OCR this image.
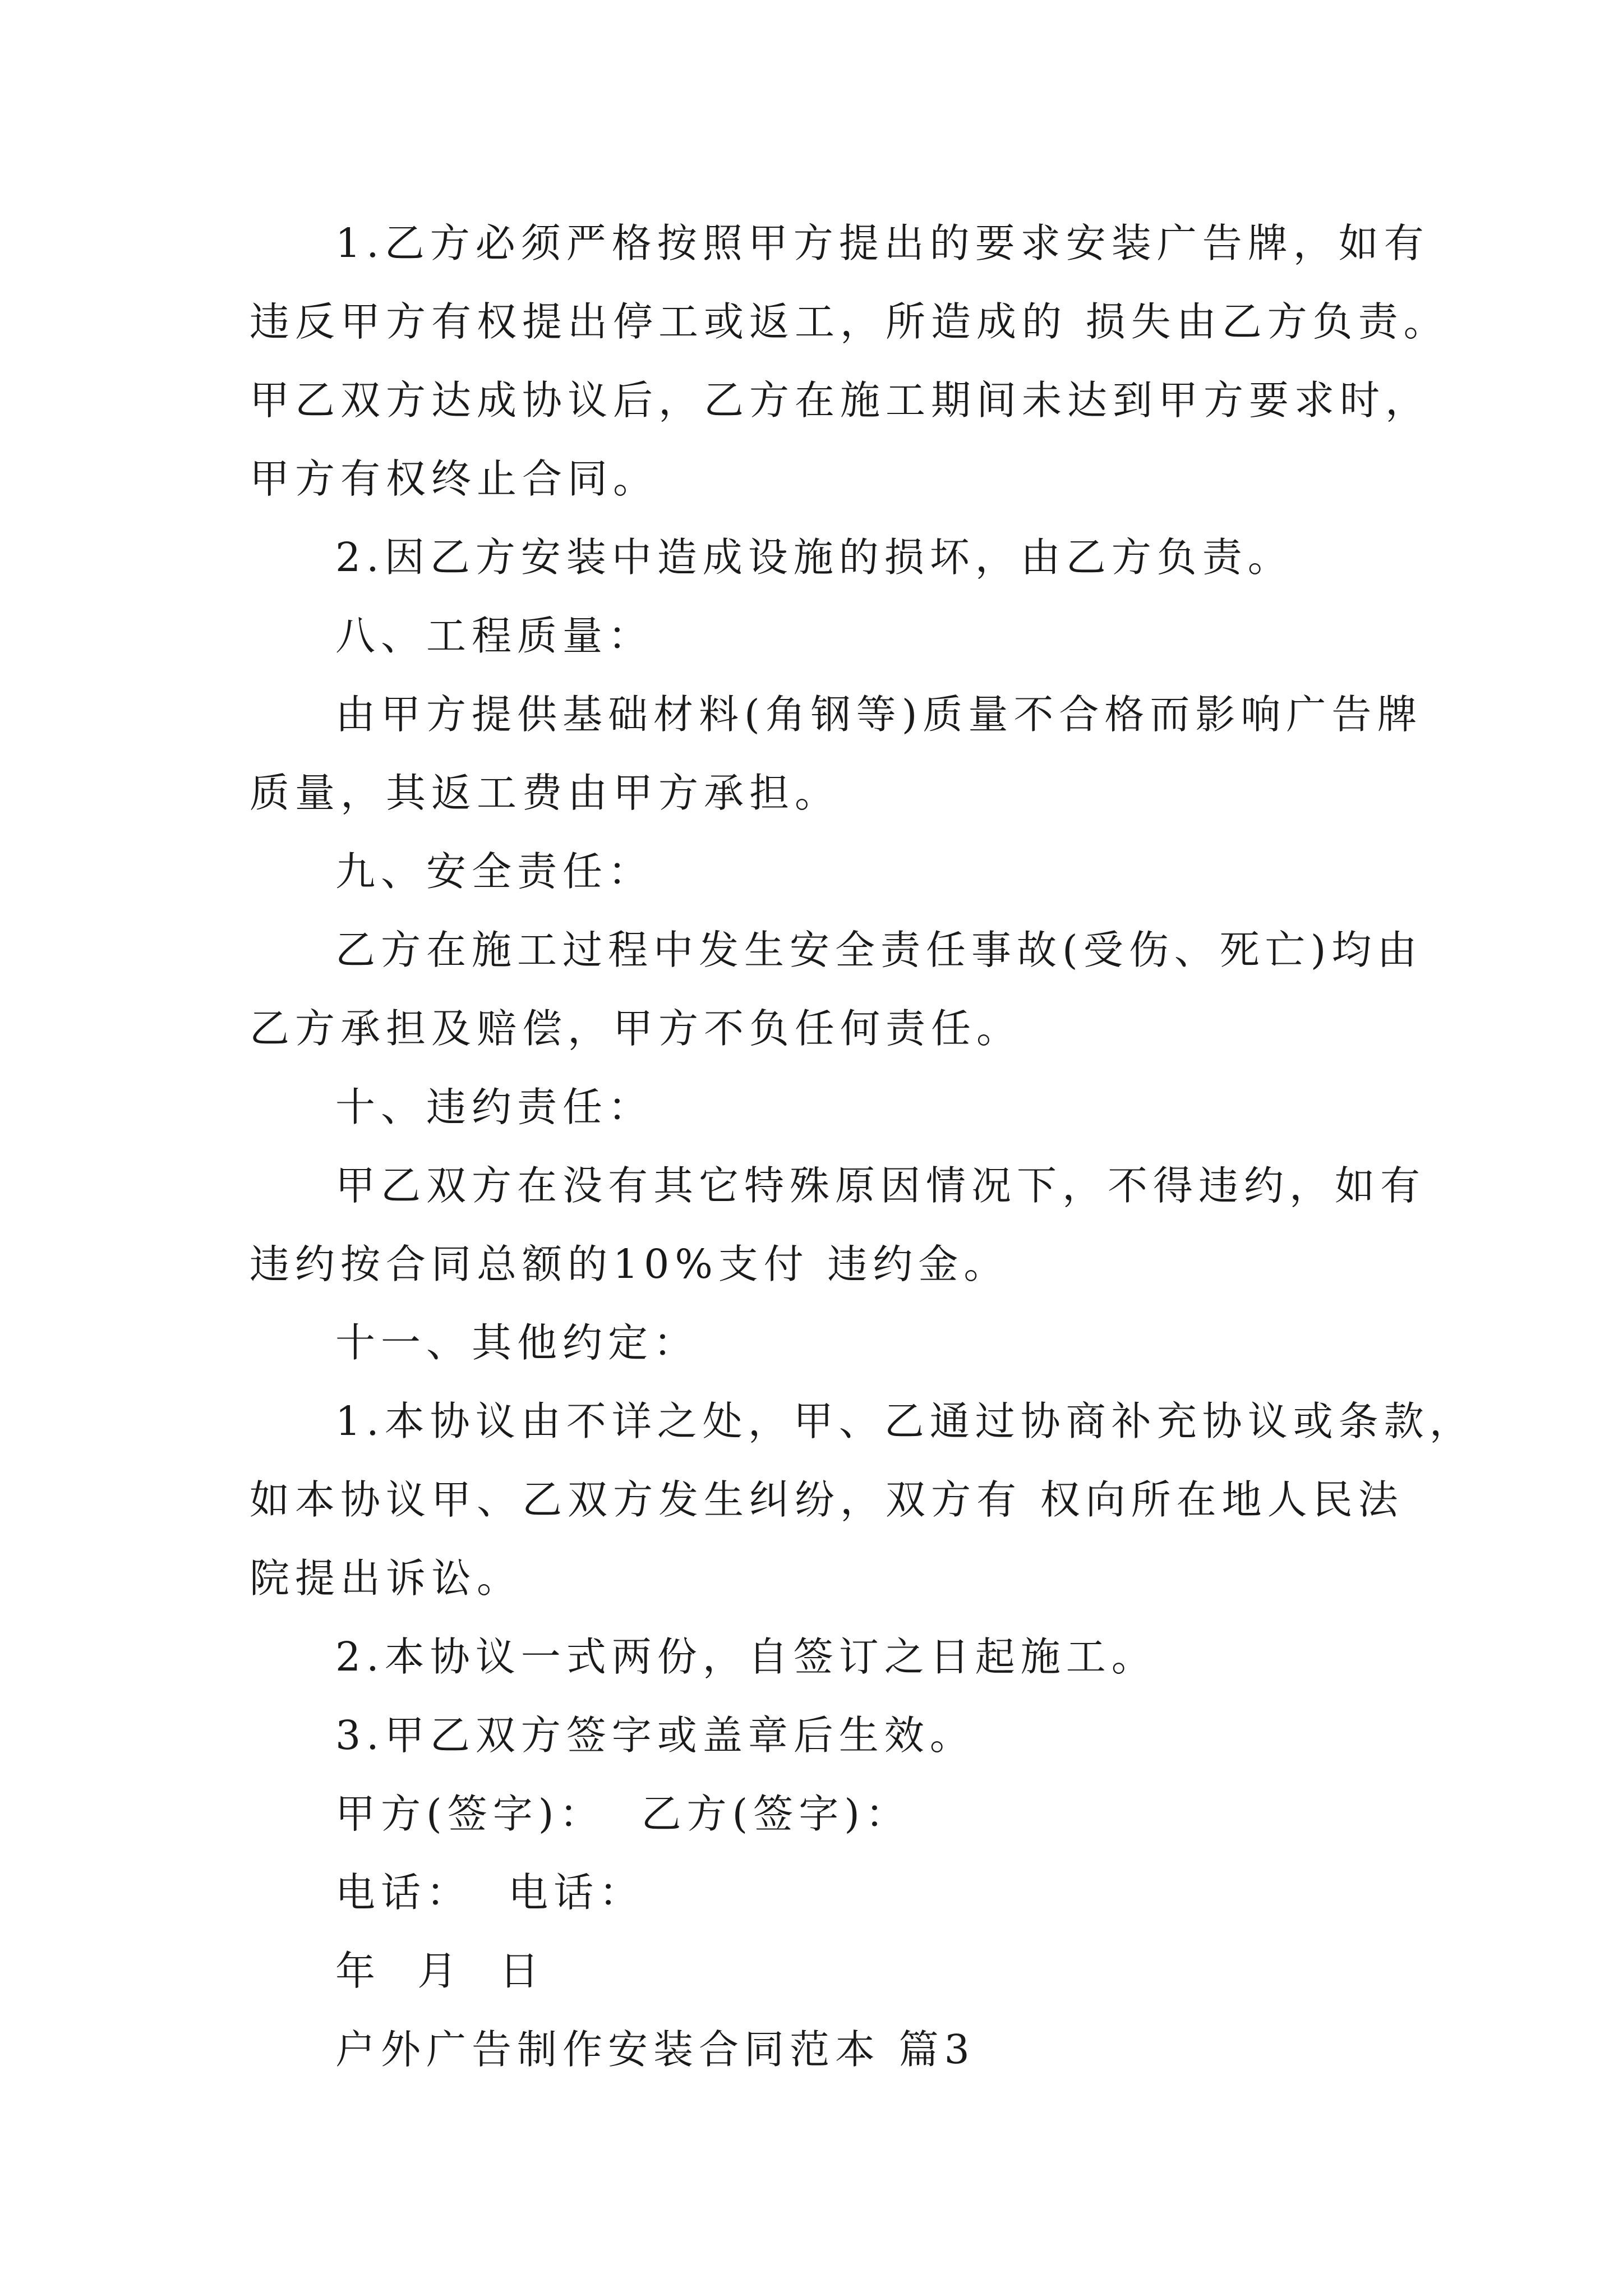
1.乙方必须严格按照甲方提出的要求安装广告牌，如有
违反甲方有权提出停工或返工，所造成的 损失由乙方负责。
甲乙双方达成协议后，乙方在施工期间未达到甲方要求时，
甲方有权终止合同。
2.因乙方安装中造成设施的损坏，由乙方负责。
八、工程质量：
由甲方提供基础材料(角钢等)质量不合格而影响广告牌
质量，其返工费由甲方承担。
九、安全责任：
乙方在施工过程中发生安全责任事故(受伤、死亡)均由
乙方承担及赔偿，甲方不负任何责任。
十、违约责任：
甲乙双方在没有其它特殊原因情况下，不得违约，如有
违约按合同总额的10%支付 违约金。
十一、其他约定：
1.本协议由不详之处，甲、乙通过协商补充协议或条款，
如本协议甲、乙双方发生纠纷，双方有 权向所在地人民法
院提出诉讼。
2.本协议一式两份，自签订之日起施工。
3.甲乙双方签字或盖章后生效。
甲方(签字)：  乙方(签字)：
电话：  电话：
年  月  日
户外广告制作安装合同范本 篇3
